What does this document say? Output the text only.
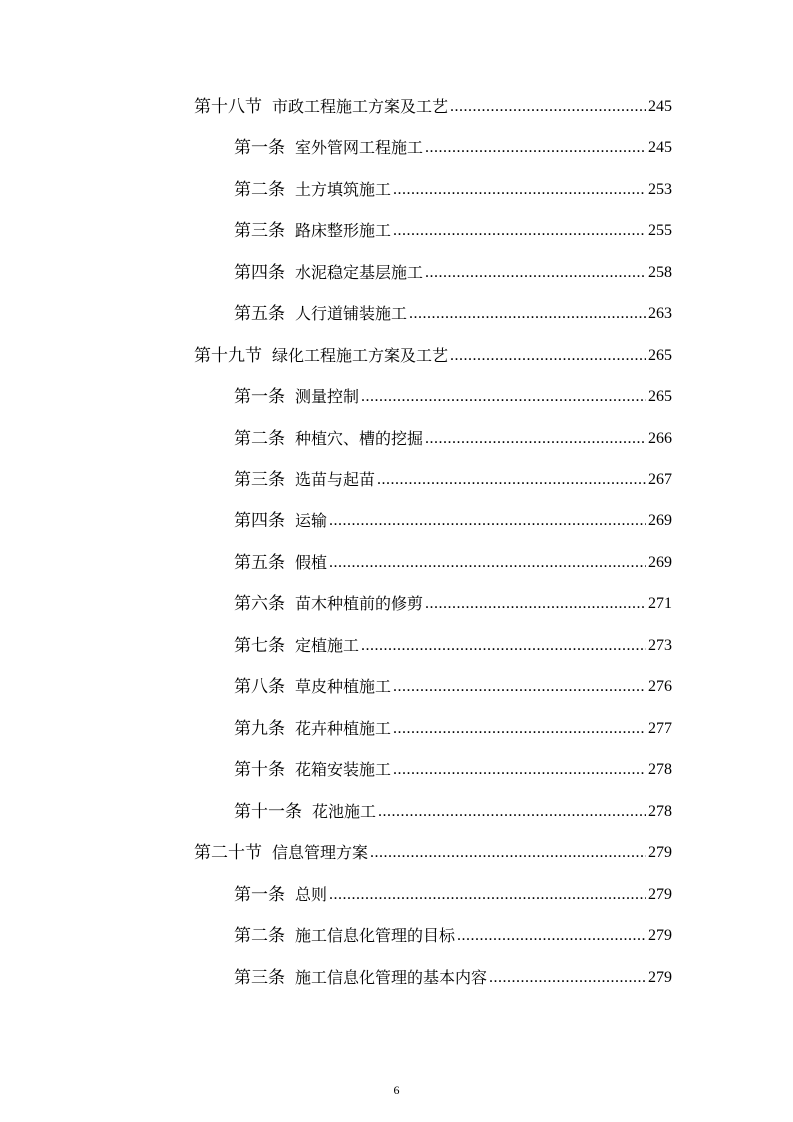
第十八节 市政工程施工方案及工艺 .....	245
第一条 室外管网工程施工 .....	245
第二条 土方填筑施工 .....	253
第三条 路床整形施工 .....	255
第四条 水泥稳定基层施工 .....	258
第五条 人行道铺装施工 .....	263
第十九节 绿化工程施工方案及工艺 .....	265
第一条 测量控制 .....	265
第二条 种植穴、槽的挖掘 .....	266
第三条 选苗与起苗 .....	267
第四条 运输 .....	269
第五条 假植 .....	269
第六条 苗木种植前的修剪 .....	271
第七条 定植施工 .....	273
第八条 草皮种植施工 .....	276
第九条 花卉种植施工 .....	277
第十条 花箱安装施工 .....	278
第十一条 花池施工 .....	278
第二十节 信息管理方案 .....	279
第一条 总则 .....	279
第二条 施工信息化管理的目标 .....	279
第三条 施工信息化管理的基本内容 .....	279
6
